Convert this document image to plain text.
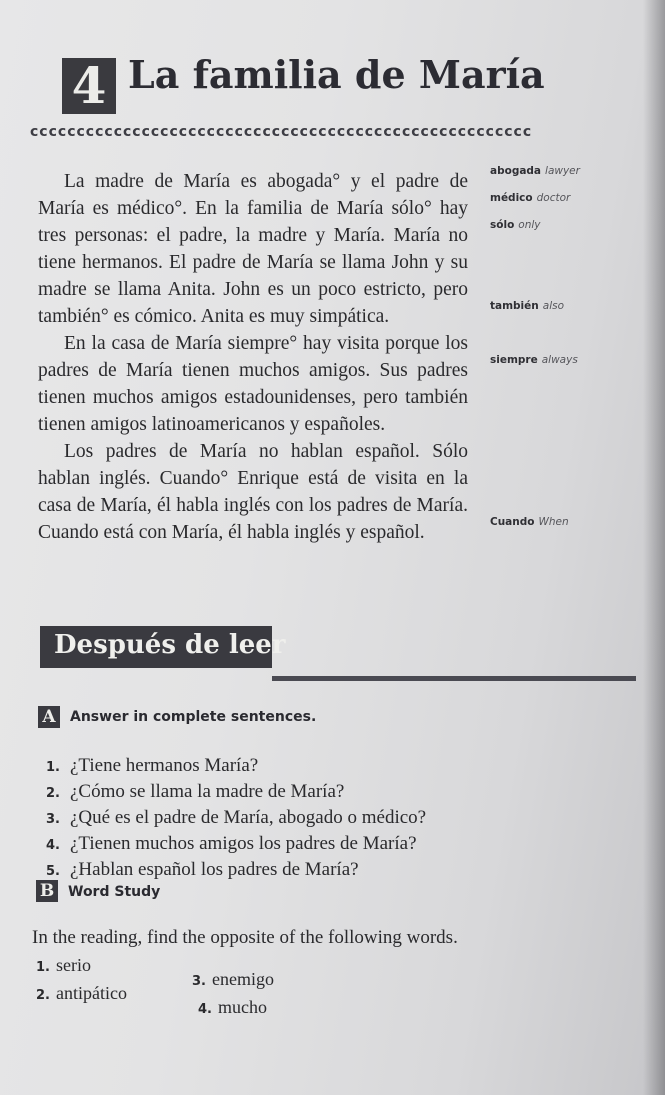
4 La familia de María
cccccccccccccccccccccccccccccccccccccccccccccccccccccc

La madre de María es abogada° y el padre de María es médico°. En la familia de María sólo° hay tres personas: el padre, la madre y María. María no tiene hermanos. El padre de María se llama John y su madre se llama Anita. John es un poco estricto, pero también° es cómico. Anita es muy simpática.

En la casa de María siempre° hay visita porque los padres de María tienen muchos amigos. Sus padres tienen muchos amigos estadounidenses, pero también tienen amigos latinoamericanos y españoles.

Los padres de María no hablan español. Sólo hablan inglés. Cuando° Enrique está de visita en la casa de María, él habla inglés con los padres de María. Cuando está con María, él habla inglés y español.

abogada lawyer
médico doctor
sólo only
también also
siempre always
Cuando When
Después de leer
A	Answer in complete sentences.
1. ¿Tiene hermanos María?
2. ¿Cómo se llama la madre de María?
3. ¿Qué es el padre de María, abogado o médico?
4. ¿Tienen muchos amigos los padres de María?
5. ¿Hablan español los padres de María?
B Word Study

In the reading, find the opposite of the following words.

1. serio
2. antipático
3. enemigo
4. mucho
